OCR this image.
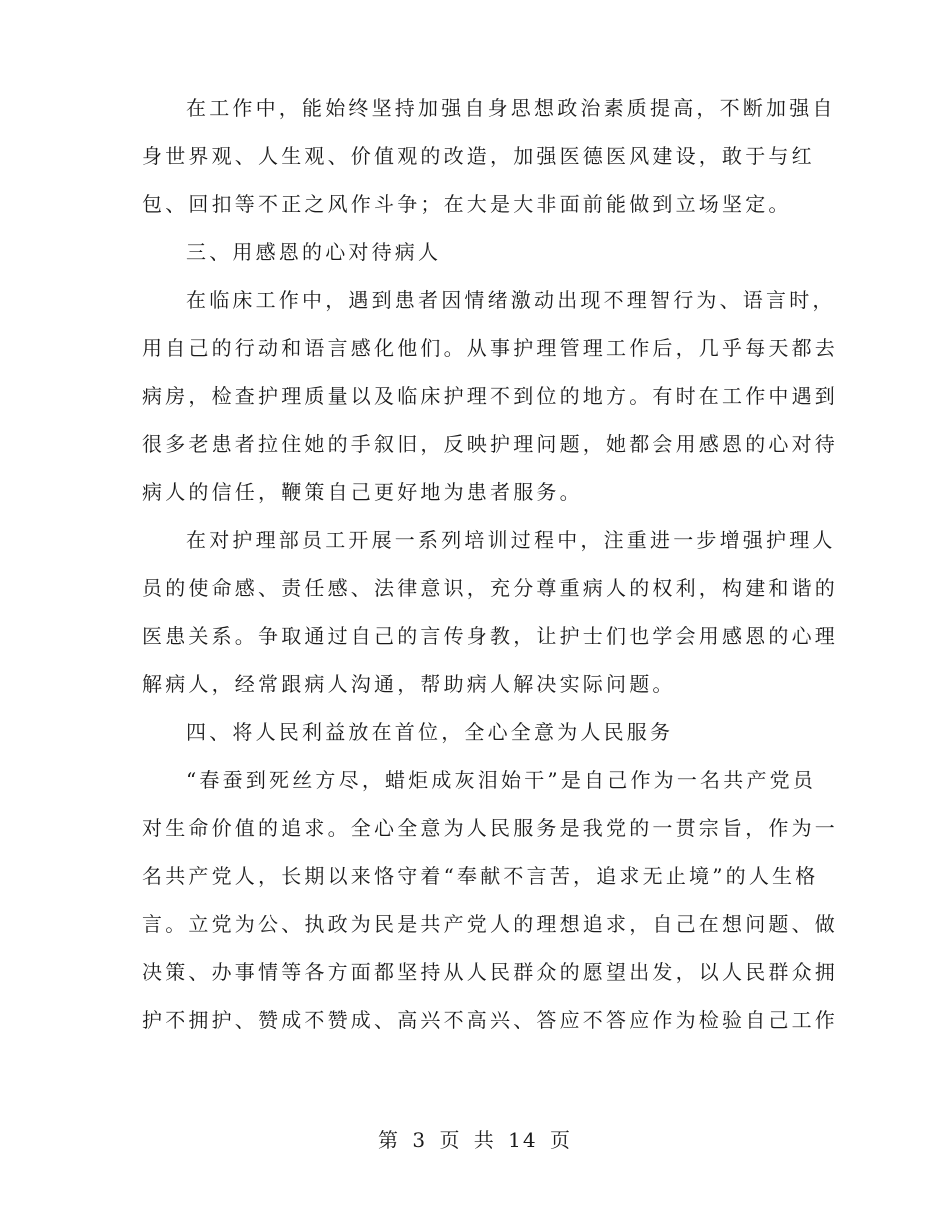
在工作中，能始终坚持加强自身思想政治素质提高，不断加强自
身世界观、人生观、价值观的改造，加强医德医风建设，敢于与红
包、回扣等不正之风作斗争；在大是大非面前能做到立场坚定。
三、用感恩的心对待病人
在临床工作中，遇到患者因情绪激动出现不理智行为、语言时，
用自己的行动和语言感化他们。从事护理管理工作后，几乎每天都去
病房，检查护理质量以及临床护理不到位的地方。有时在工作中遇到
很多老患者拉住她的手叙旧，反映护理问题，她都会用感恩的心对待
病人的信任，鞭策自己更好地为患者服务。
在对护理部员工开展一系列培训过程中，注重进一步增强护理人
员的使命感、责任感、法律意识，充分尊重病人的权利，构建和谐的
医患关系。争取通过自己的言传身教，让护士们也学会用感恩的心理
解病人，经常跟病人沟通，帮助病人解决实际问题。
四、将人民利益放在首位，全心全意为人民服务
“春蚕到死丝方尽，蜡炬成灰泪始干”是自己作为一名共产党员
对生命价值的追求。全心全意为人民服务是我党的一贯宗旨，作为一
名共产党人，长期以来恪守着“奉献不言苦，追求无止境”的人生格
言。立党为公、执政为民是共产党人的理想追求，自己在想问题、做
决策、办事情等各方面都坚持从人民群众的愿望出发，以人民群众拥
护不拥护、赞成不赞成、高兴不高兴、答应不答应作为检验自己工作
第 3 页 共 14 页
